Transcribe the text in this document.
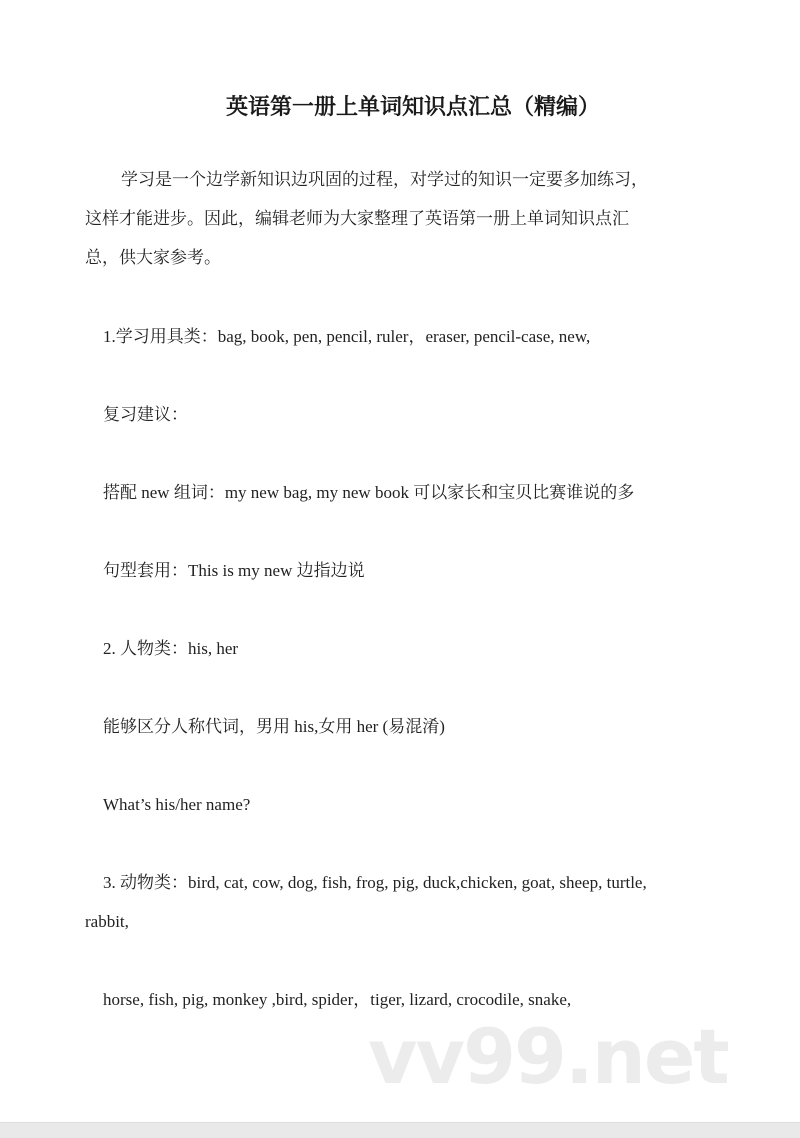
英语第一册上单词知识点汇总（精编）
学习是一个边学新知识边巩固的过程，对学过的知识一定要多加练习，
这样才能进步。因此，编辑老师为大家整理了英语第一册上单词知识点汇
总，供大家参考。
1.学习用具类：bag, book, pen, pencil, ruler，eraser, pencil-case, new,
复习建议：
搭配 new 组词：my new bag, my new book 可以家长和宝贝比赛谁说的多
句型套用：This is my new 边指边说
2. 人物类：his, her
能够区分人称代词，男用 his,女用 her (易混淆)
What’s his/her name?
3. 动物类：bird, cat, cow, dog, fish, frog, pig, duck,chicken, goat, sheep, turtle,
rabbit,
horse, fish, pig, monkey ,bird, spider，tiger, lizard, crocodile, snake,
vv99.net
